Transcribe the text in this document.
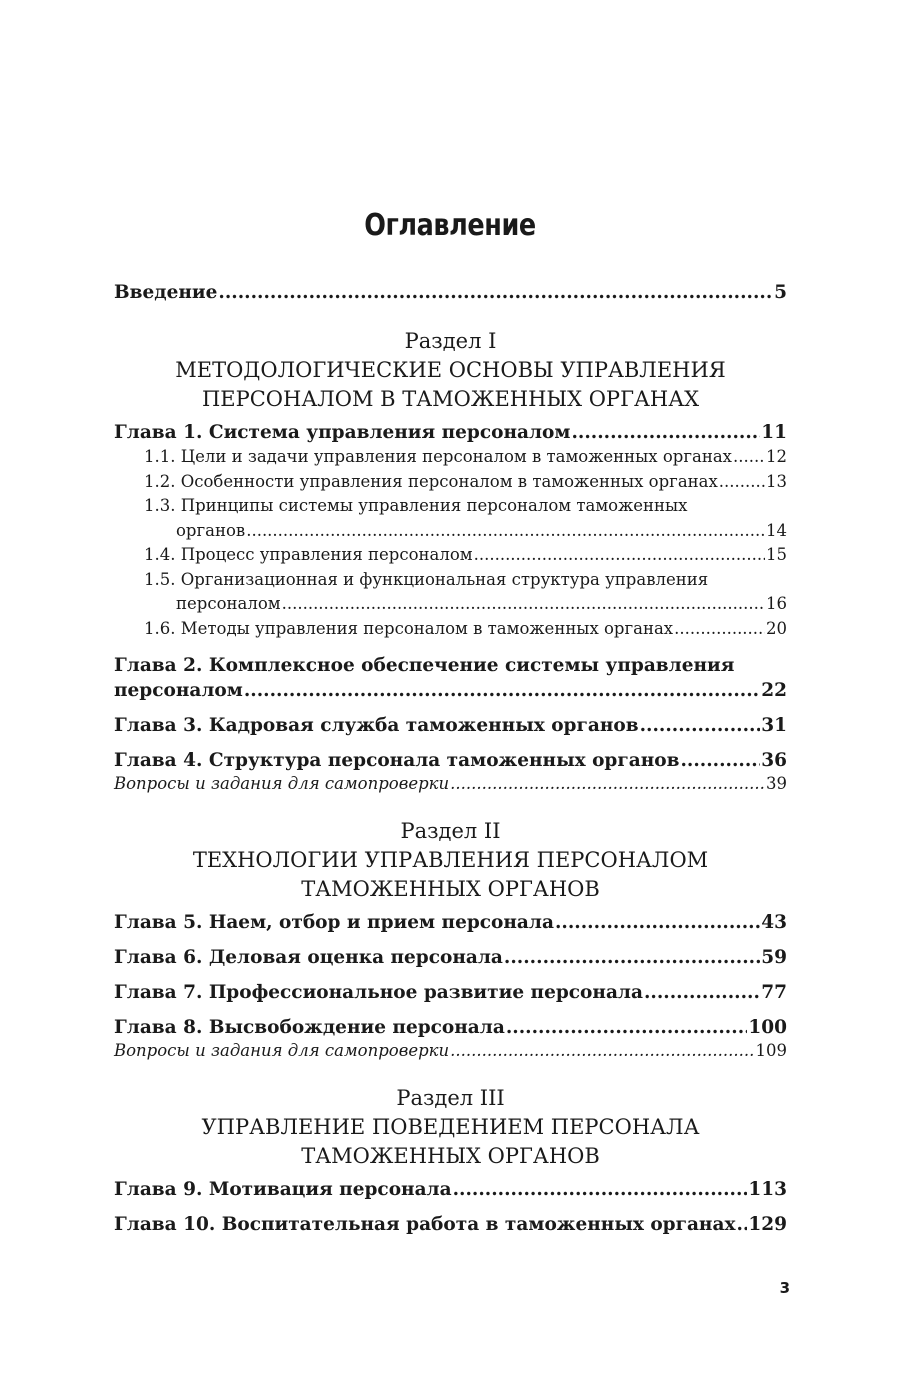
Оглавление
Введение .....	5
Раздел I
МЕТОДОЛОГИЧЕСКИЕ ОСНОВЫ УПРАВЛЕНИЯ
ПЕРСОНАЛОМ В ТАМОЖЕННЫХ ОРГАНАХ
Глава 1. Система управления персоналом .....	11
1.1. Цели и задачи управления персоналом в таможенных органах ..... 12
1.2. Особенности управления персоналом в таможенных органах .....	13
1.3. Принципы системы управления персоналом таможенных
органов .....	14
1.4. Процесс управления персоналом .....	15
1.5. Организационная и функциональная структура управления
персоналом .....	16
1.6. Методы управления персоналом в таможенных органах .....	20
Глава 2. Комплексное обеспечение системы управления
персоналом .....	22
Глава 3. Кадровая служба таможенных органов .....	31
Глава 4. Структура персонала таможенных органов .....	36
Вопросы и задания для самопроверки .....	39
Раздел II
ТЕХНОЛОГИИ УПРАВЛЕНИЯ ПЕРСОНАЛОМ
ТАМОЖЕННЫХ ОРГАНОВ
Глава 5. Наем, отбор и прием персонала .....	43
Глава 6. Деловая оценка персонала .....	59
Глава 7. Профессиональное развитие персонала .....	77
Глава 8. Высвобождение персонала .....	100
Вопросы и задания для самопроверки .....	109
Раздел III
УПРАВЛЕНИЕ ПОВЕДЕНИЕМ ПЕРСОНАЛА
ТАМОЖЕННЫХ ОРГАНОВ
Глава 9. Мотивация персонала .....	113
Глава 10. Воспитательная работа в таможенных органах ..... 129
3
